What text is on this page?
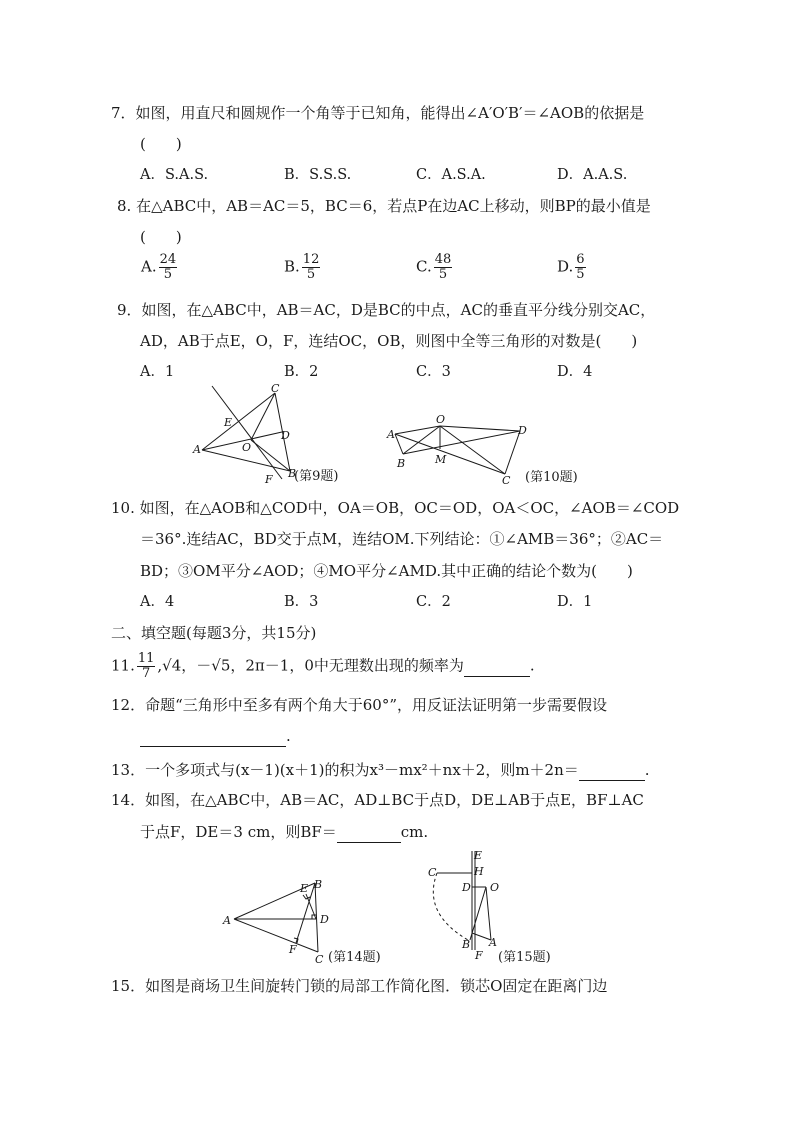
7．如图，用直尺和圆规作一个角等于已知角，能得出∠A′O′B′＝∠AOB的依据是
(　　)
A．S.A.S.	B．S.S.S.	C．A.S.A.	D．A.A.S.
8. 在△ABC中，AB＝AC＝5，BC＝6，若点P在边AC上移动，则BP的最小值是
(　　)
A. $\frac{24}{5}$	B. $\frac{12}{5}$	C. $\frac{48}{5}$	D. $\frac{6}{5}$
9．如图，在△ABC中，AB＝AC，D是BC的中点，AC的垂直平分线分别交AC，
AD，AB于点E，O，F，连结OC，OB，则图中全等三角形的对数是(　　)
A．1	B．2	C．3	D．4
C
E
D
A	O
B
F (第9题)
O
A	D
B	M
C (第10题)
10. 如图，在△AOB和△COD中，OA＝OB，OC＝OD，OA＜OC，∠AOB＝∠COD
＝36°.连结AC，BD交于点M，连结OM.下列结论：①∠AMB＝36°；②AC＝
BD；③OM平分∠AOD；④MO平分∠AMD.其中正确的结论个数为(　　)
A．4	B．3	C．2	D．1
二、填空题(每题3分，共15分)
11. $\frac{11}{7} ,√4$，－√5，2π－1，0中无理数出现的频率为	.
12．命题“三角形中至多有两个角大于60°”，用反证法证明第一步需要假设
.
13．一个多项式与(x－1)(x＋1)的积为x³－mx²＋nx＋2，则m＋2n＝	.
14．如图，在△ABC中，AB＝AC，AD⊥BC于点D，DE⊥AB于点E，BF⊥AC
于点F，DE＝3 cm，则BF＝	cm.
E B
A	D
F
C (第14题)
E
C	H
D O
B A
F (第15题)
15．如图是商场卫生间旋转门锁的局部工作简化图．锁芯O固定在距离门边
